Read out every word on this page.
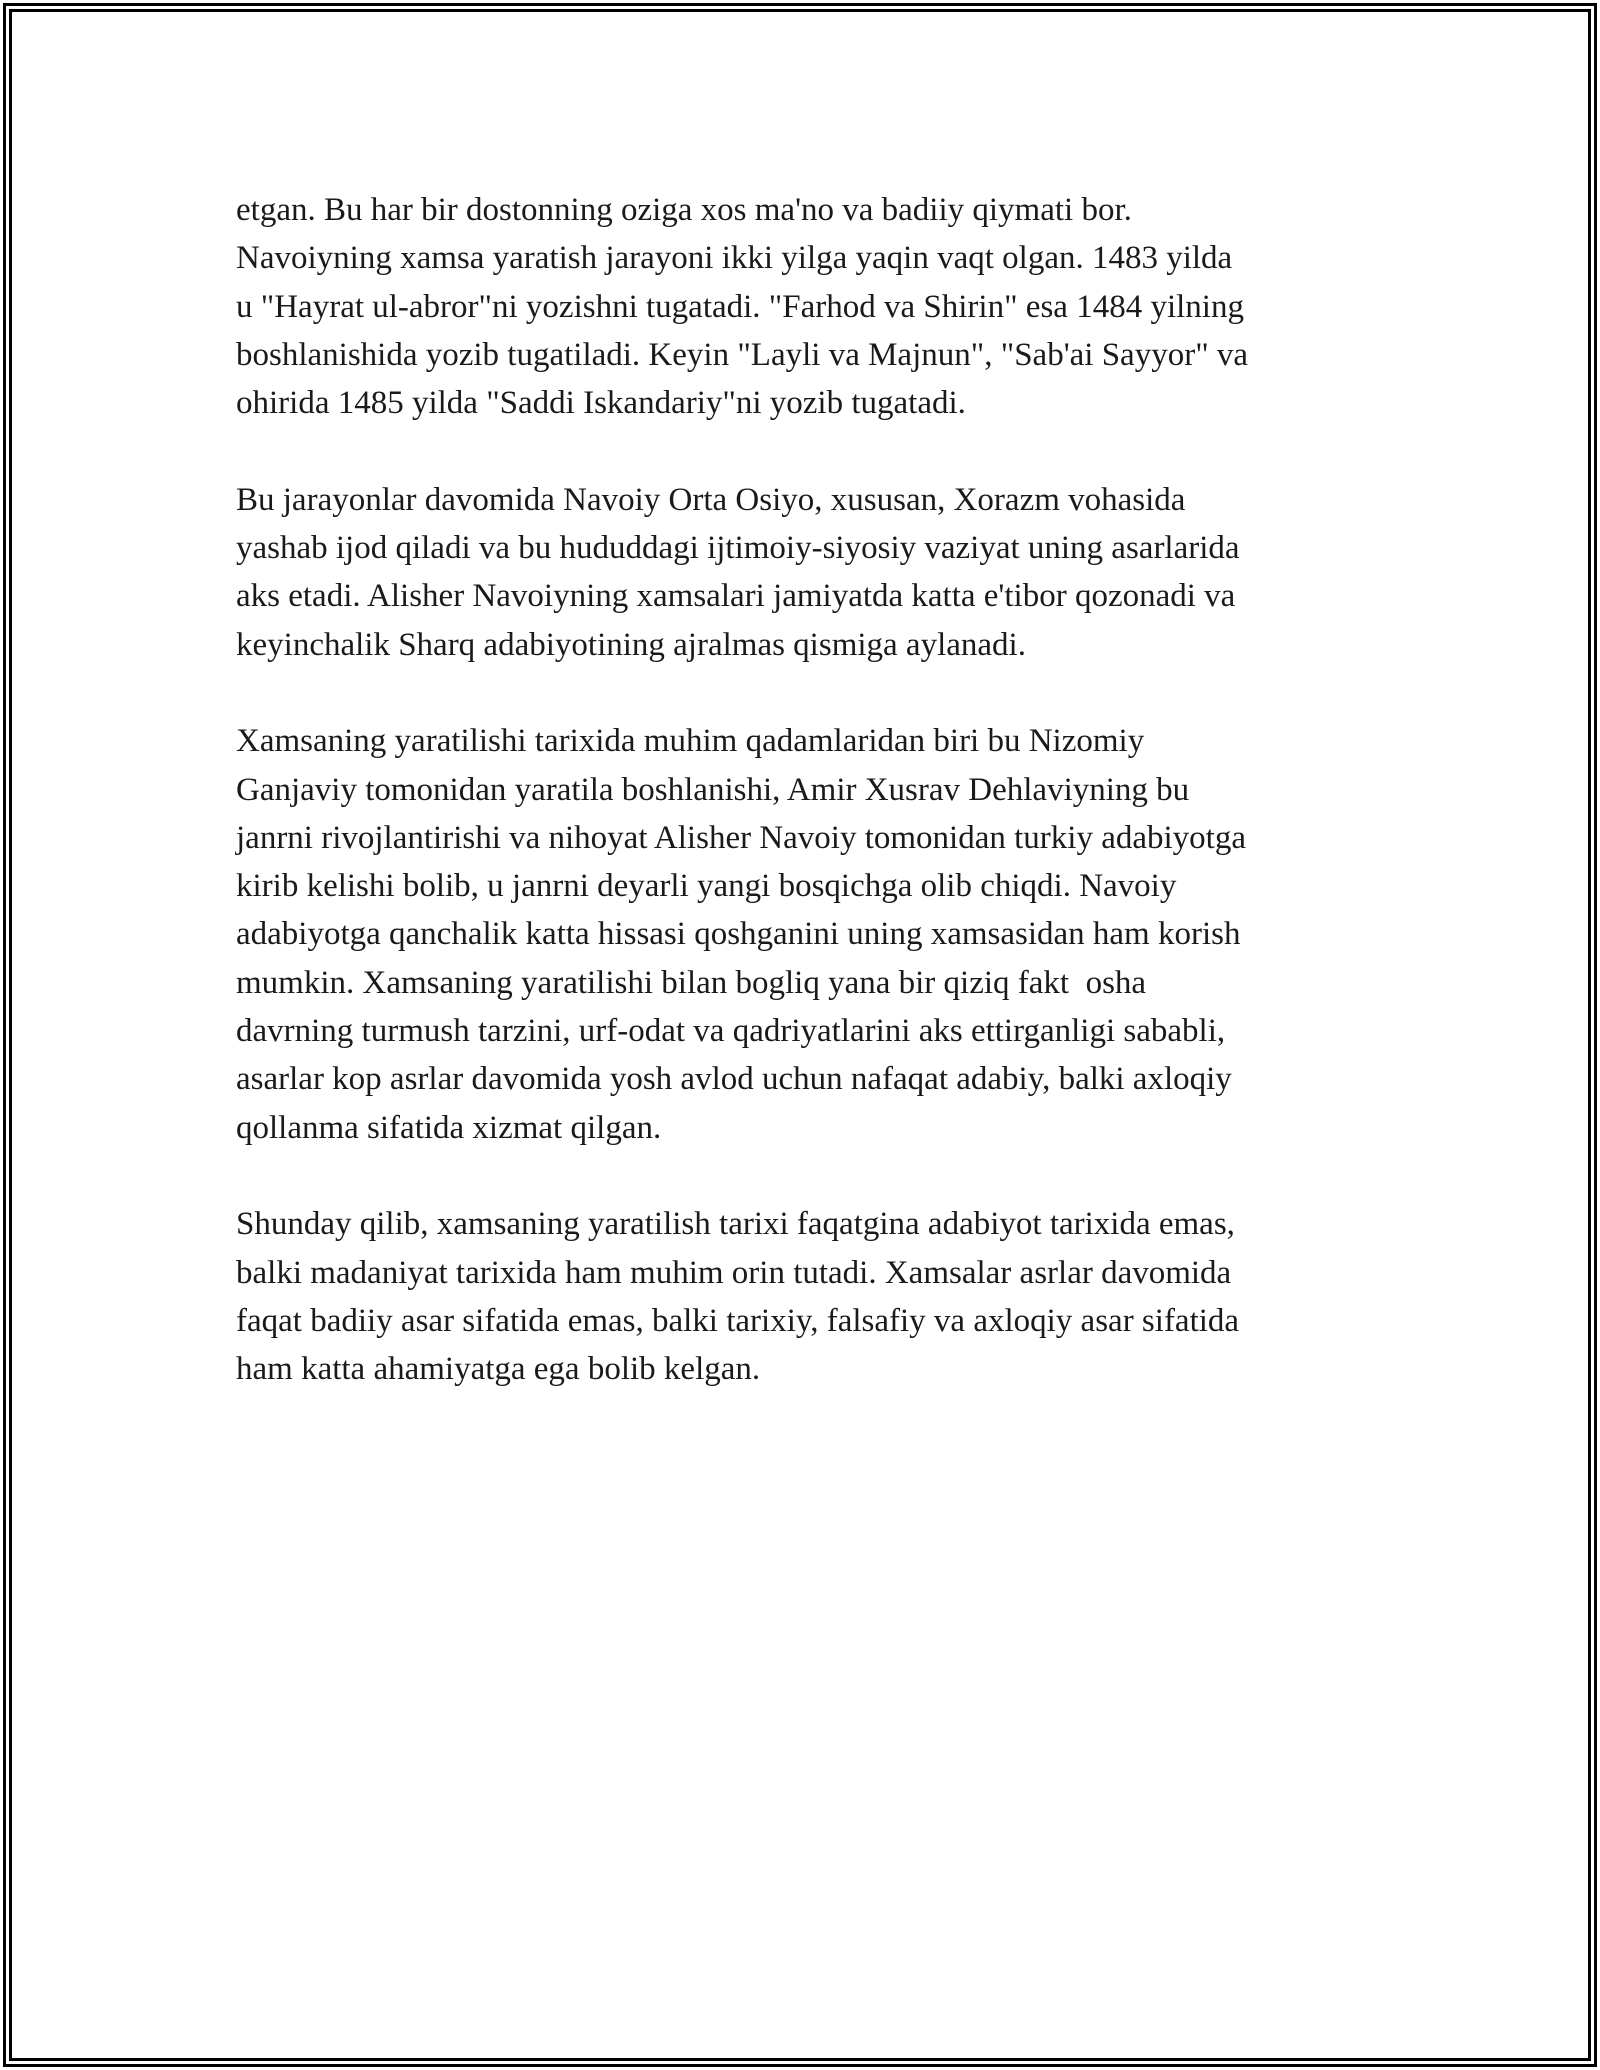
etgan. Bu har bir dostonning oziga xos ma'no va badiiy qiymati bor.
Navoiyning xamsa yaratish jarayoni ikki yilga yaqin vaqt olgan. 1483 yilda
u "Hayrat ul-abror"ni yozishni tugatadi. "Farhod va Shirin" esa 1484 yilning
boshlanishida yozib tugatiladi. Keyin "Layli va Majnun", "Sab'ai Sayyor" va
ohirida 1485 yilda "Saddi Iskandariy"ni yozib tugatadi.

Bu jarayonlar davomida Navoiy Orta Osiyo, xususan, Xorazm vohasida
yashab ijod qiladi va bu hududdagi ijtimoiy-siyosiy vaziyat uning asarlarida
aks etadi. Alisher Navoiyning xamsalari jamiyatda katta e'tibor qozonadi va
keyinchalik Sharq adabiyotining ajralmas qismiga aylanadi.

Xamsaning yaratilishi tarixida muhim qadamlaridan biri bu Nizomiy
Ganjaviy tomonidan yaratila boshlanishi, Amir Xusrav Dehlaviyning bu
janrni rivojlantirishi va nihoyat Alisher Navoiy tomonidan turkiy adabiyotga
kirib kelishi bolib, u janrni deyarli yangi bosqichga olib chiqdi. Navoiy
adabiyotga qanchalik katta hissasi qoshganini uning xamsasidan ham korish
mumkin. Xamsaning yaratilishi bilan bogliq yana bir qiziq fakt  osha
davrning turmush tarzini, urf-odat va qadriyatlarini aks ettirganligi sababli,
asarlar kop asrlar davomida yosh avlod uchun nafaqat adabiy, balki axloqiy
qollanma sifatida xizmat qilgan.

Shunday qilib, xamsaning yaratilish tarixi faqatgina adabiyot tarixida emas,
balki madaniyat tarixida ham muhim orin tutadi. Xamsalar asrlar davomida
faqat badiiy asar sifatida emas, balki tarixiy, falsafiy va axloqiy asar sifatida
ham katta ahamiyatga ega bolib kelgan.
